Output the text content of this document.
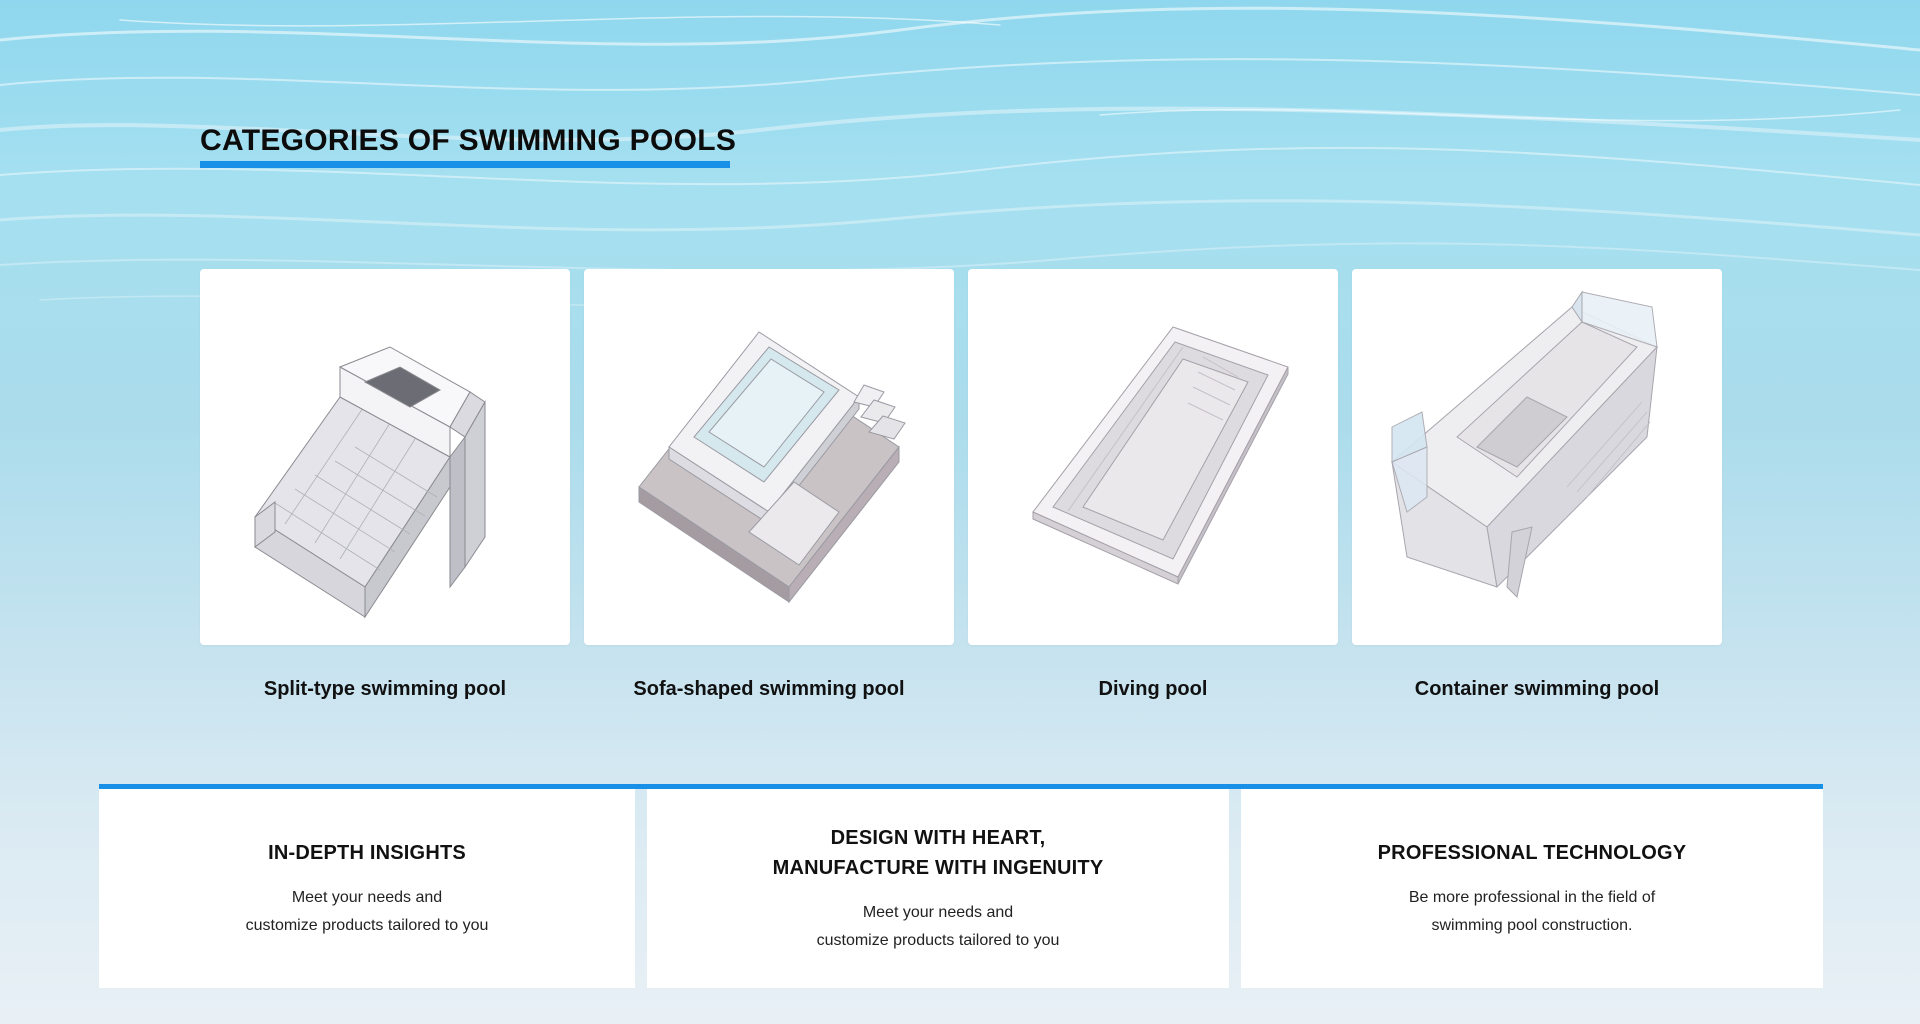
CATEGORIES OF SWIMMING POOLS
Split-type swimming pool	Sofa-shaped swimming pool	Diving pool	Container swimming pool
IN-DEPTH INSIGHTS

Meet your needs and
customize products tailored to you

DESIGN WITH HEART,
MANUFACTURE WITH INGENUITY

Meet your needs and
customize products tailored to you

PROFESSIONAL TECHNOLOGY

Be more professional in the field of
swimming pool construction.
